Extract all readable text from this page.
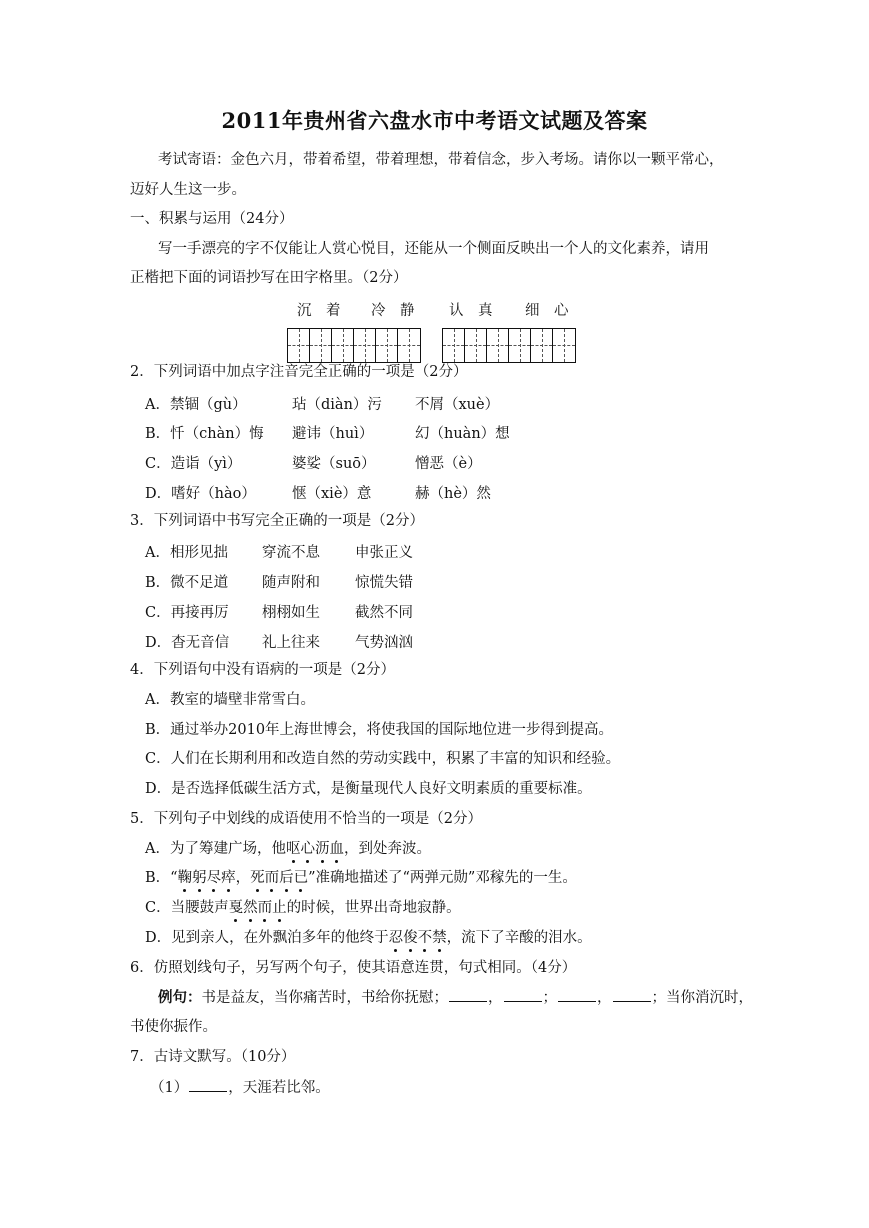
2011年贵州省六盘水市中考语文试题及答案
考试寄语：金色六月，带着希望，带着理想，带着信念，步入考场。请你以一颗平常心，
迈好人生这一步。
一、积累与运用（24分）
写一手漂亮的字不仅能让人赏心悦目，还能从一个侧面反映出一个人的文化素养，请用
正楷把下面的词语抄写在田字格里。（2分）
沉　着 冷　静 认　真 细　心
2．下列词语中加点字注音完全正确的一项是（2分）
A．禁锢（gù）	玷（diàn）污 不屑（xuè）
B．忏（chàn）悔 避讳（huì）	幻（huàn）想
C．造诣（yì）	婆娑（suō）	憎恶（è）
D．嗜好（hào） 惬（xiè）意	赫（hè）然
3．下列词语中书写完全正确的一项是（2分）
A．相形见拙 穿流不息 申张正义
B．微不足道 随声附和 惊慌失错
C．再接再厉 栩栩如生 截然不同
D．杳无音信 礼上往来 气势汹汹
4．下列语句中没有语病的一项是（2分）
A．教室的墙壁非常雪白。
B．通过举办2010年上海世博会，将使我国的国际地位进一步得到提高。
C．人们在长期利用和改造自然的劳动实践中，积累了丰富的知识和经验。
D．是否选择低碳生活方式，是衡量现代人良好文明素质的重要标准。
5．下列句子中划线的成语使用不恰当的一项是（2分）
A．为了筹建广场，他呕心沥血，到处奔波。
B．“鞠躬尽瘁，死而后已”准确地描述了“两弹元勋”邓稼先的一生。
C．当腰鼓声戛然而止的时候，世界出奇地寂静。
D．见到亲人，在外飘泊多年的他终于忍俊不禁，流下了辛酸的泪水。
6．仿照划线句子，另写两个句子，使其语意连贯，句式相同。（4分）
例句：书是益友，当你痛苦时，书给你抚慰；	，	；	，	；当你消沉时，
书使你振作。
7．古诗文默写。（10分）
（1）	，天涯若比邻。
